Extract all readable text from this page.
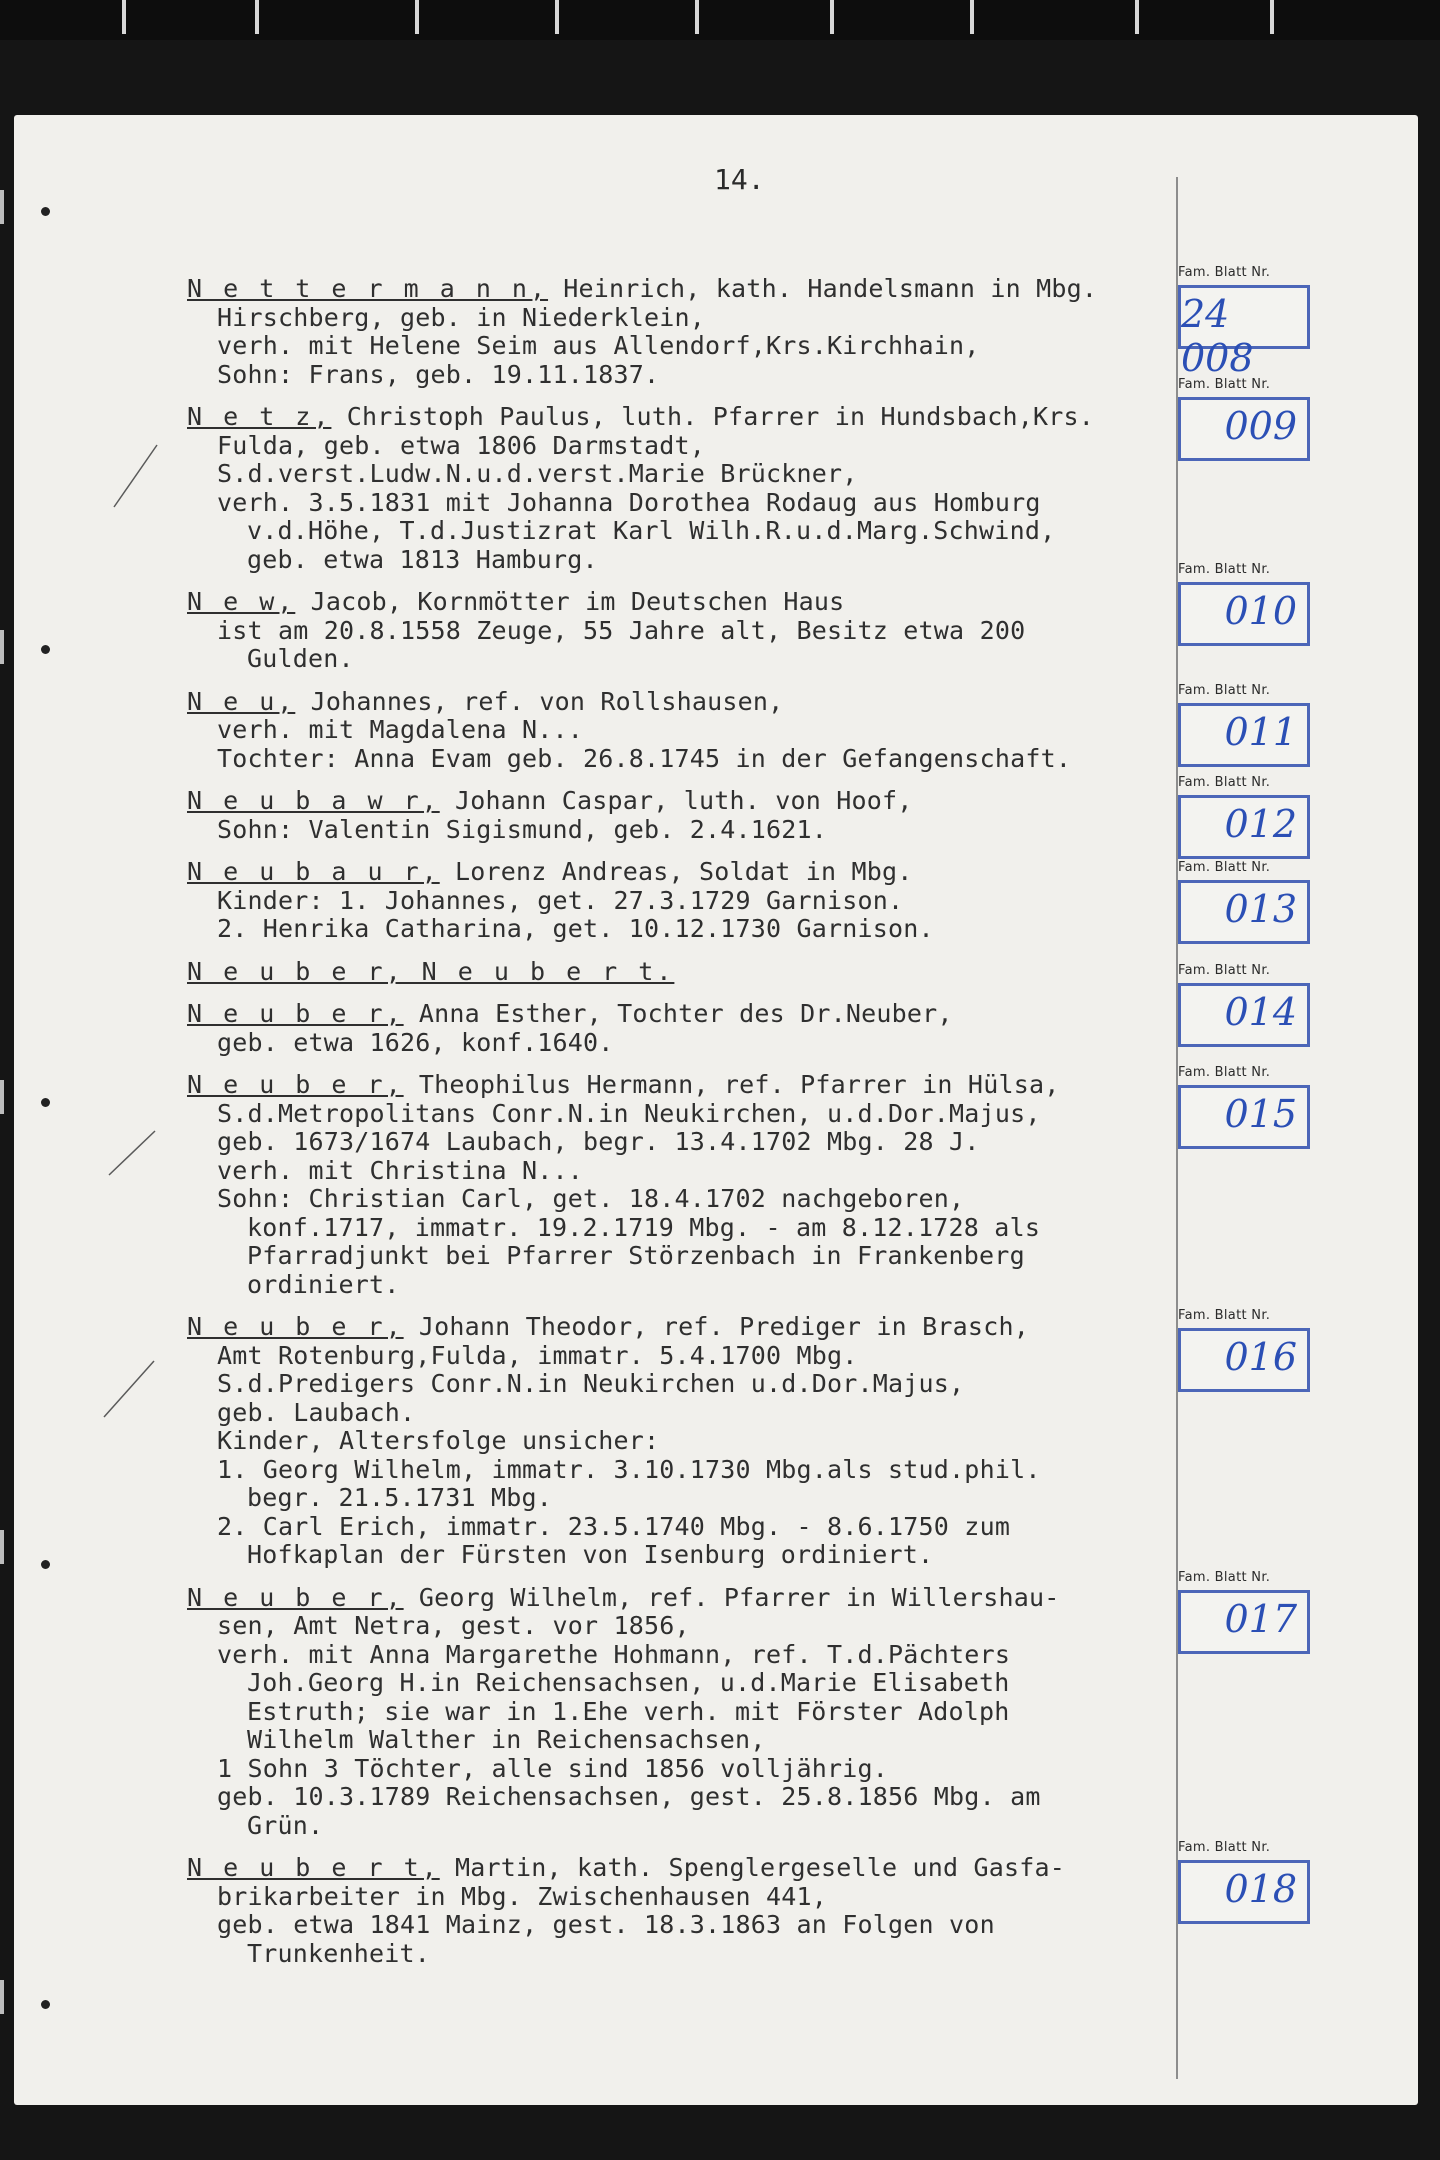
14.
N e t t e r m a n n, Heinrich, kath. Handelsmann in Mbg.
Hirschberg, geb. in Niederklein,
verh. mit Helene Seim aus Allendorf,Krs.Kirchhain,
Sohn: Frans, geb. 19.11.1837.
N e t z, Christoph Paulus, luth. Pfarrer in Hundsbach,Krs.
Fulda, geb. etwa 1806 Darmstadt,
S.d.verst.Ludw.N.u.d.verst.Marie Brückner,
verh. 3.5.1831 mit Johanna Dorothea Rodaug aus Homburg
v.d.Höhe, T.d.Justizrat Karl Wilh.R.u.d.Marg.Schwind,
geb. etwa 1813 Hamburg.
N e w, Jacob, Kornmötter im Deutschen Haus
ist am 20.8.1558 Zeuge, 55 Jahre alt, Besitz etwa 200
Gulden.
N e u, Johannes, ref. von Rollshausen,
verh. mit Magdalena N...
Tochter: Anna Evam geb. 26.8.1745 in der Gefangenschaft.
N e u b a w r, Johann Caspar, luth. von Hoof,
Sohn: Valentin Sigismund, geb. 2.4.1621.
N e u b a u r, Lorenz Andreas, Soldat in Mbg.
Kinder: 1. Johannes, get. 27.3.1729 Garnison.
2. Henrika Catharina, get. 10.12.1730 Garnison.
N e u b e r, N e u b e r t.
N e u b e r, Anna Esther, Tochter des Dr.Neuber,
geb. etwa 1626, konf.1640.
N e u b e r, Theophilus Hermann, ref. Pfarrer in Hülsa,
S.d.Metropolitans Conr.N.in Neukirchen, u.d.Dor.Majus,
geb. 1673/1674 Laubach, begr. 13.4.1702 Mbg. 28 J.
verh. mit Christina N...
Sohn: Christian Carl, get. 18.4.1702 nachgeboren,
konf.1717, immatr. 19.2.1719 Mbg. - am 8.12.1728 als
Pfarradjunkt bei Pfarrer Störzenbach in Frankenberg
ordiniert.
N e u b e r, Johann Theodor, ref. Prediger in Brasch,
Amt Rotenburg,Fulda, immatr. 5.4.1700 Mbg.
S.d.Predigers Conr.N.in Neukirchen u.d.Dor.Majus,
geb. Laubach.
Kinder, Altersfolge unsicher:
1. Georg Wilhelm, immatr. 3.10.1730 Mbg.als stud.phil.
begr. 21.5.1731 Mbg.
2. Carl Erich, immatr. 23.5.1740 Mbg. - 8.6.1750 zum
Hofkaplan der Fürsten von Isenburg ordiniert.
N e u b e r, Georg Wilhelm, ref. Pfarrer in Willershau-
sen, Amt Netra, gest. vor 1856,
verh. mit Anna Margarethe Hohmann, ref. T.d.Pächters
Joh.Georg H.in Reichensachsen, u.d.Marie Elisabeth
Estruth; sie war in 1.Ehe verh. mit Förster Adolph
Wilhelm Walther in Reichensachsen,
1 Sohn 3 Töchter, alle sind 1856 volljährig.
geb. 10.3.1789 Reichensachsen, gest. 25.8.1856 Mbg. am
Grün.
N e u b e r t, Martin, kath. Spenglergeselle und Gasfa-
brikarbeiter in Mbg. Zwischenhausen 441,
geb. etwa 1841 Mainz, gest. 18.3.1863 an Folgen von
Trunkenheit.
Fam. Blatt Nr.
24 008
Fam. Blatt Nr.
009
Fam. Blatt Nr.
010
Fam. Blatt Nr.
011
Fam. Blatt Nr.
012
Fam. Blatt Nr.
013
Fam. Blatt Nr.
014
Fam. Blatt Nr.
015
Fam. Blatt Nr.
016
Fam. Blatt Nr.
017
Fam. Blatt Nr.
018
